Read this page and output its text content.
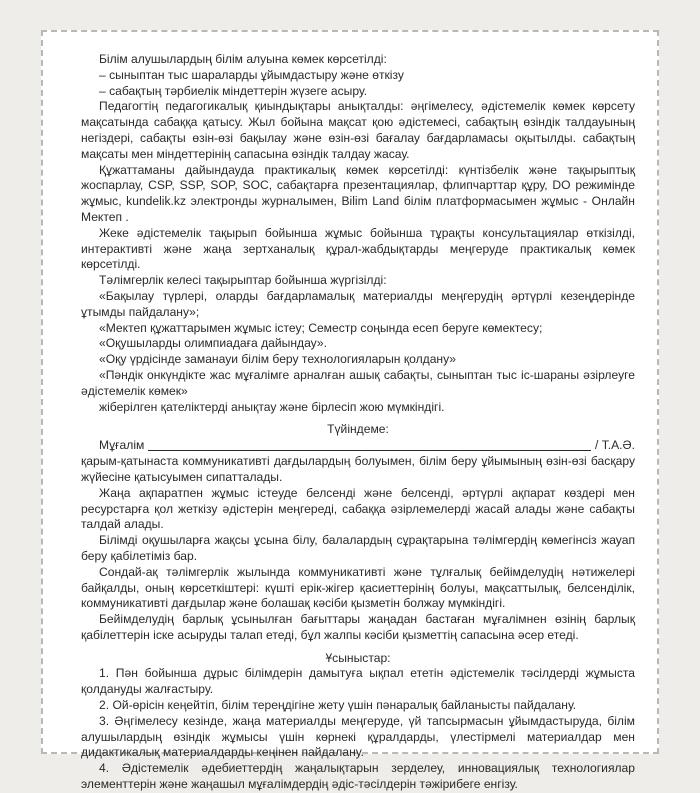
Білім алушылардың білім алуына көмек көрсетілді:

– сыныптан тыс шараларды ұйымдастыру және өткізу

– сабақтың тәрбиелік міндеттерін жүзеге асыру.

Педагогтің педагогикалық қиындықтары анықталды: әңгімелесу, әдістемелік көмек көрсету мақсатында сабаққа қатысу. Жыл бойына мақсат қою әдістемесі, сабақтың өзіндік талдауының негіздері, сабақты өзін-өзі бақылау және өзін-өзі бағалау бағдарламасы оқытылды. сабақтың мақсаты мен міндеттерінің сапасына өзіндік талдау жасау.

Құжаттаманы дайындауда практикалық көмек көрсетілді: күнтізбелік және тақырыптық жоспарлау, CSP, SSP, SOP, SOC, сабақтарға презентациялар, флипчарттар құру, DO режимінде жұмыс, kundelik.kz электронды журналымен, Bilim Land білім платформасымен жұмыс - Онлайн Мектеп .

Жеке әдістемелік тақырып бойынша жұмыс бойынша тұрақты консультациялар өткізілді, интерактивті және жаңа зертханалық құрал-жабдықтарды меңгеруде практикалық көмек көрсетілді.

Тәлімгерлік келесі тақырыптар бойынша жүргізілді:

«Бақылау түрлері, оларды бағдарламалық материалды меңгерудің әртүрлі кезеңдерінде ұтымды пайдалану»;

«Мектеп құжаттарымен жұмыс істеу; Семестр соңында есеп беруге көмектесу;

«Оқушыларды олимпиадаға дайындау».

«Оқу үрдісінде заманауи білім беру технологияларын қолдану»

«Пәндік онкүндікте жас мұғалімге арналған ашық сабақты, сыныптан тыс іс-шараны әзірлеуге әдістемелік көмек»

жіберілген қателіктерді анықтау және бірлесіп жою мүмкіндігі.

Түйіндеме:

Мұғалім	/ Т.А.Ә.

қарым-қатынаста коммуникативті дағдылардың болуымен, білім беру ұйымының өзін-өзі басқару жүйесіне қатысуымен сипатталады.

Жаңа ақпаратпен жұмыс істеуде белсенді және белсенді, әртүрлі ақпарат көздері мен ресурстарға қол жеткізу әдістерін меңгереді, сабаққа әзірлемелерді жасай алады және сабақты талдай алады.

Білімді оқушыларға жақсы ұсына білу, балалардың сұрақтарына тәлімгердің көмегінсіз жауап беру қабілетіміз бар.

Сондай-ақ тәлімгерлік жылында коммуникативті және тұлғалық бейімделудің нәтижелері байқалды, оның көрсеткіштері: күшті ерік-жігер қасиеттерінің болуы, мақсаттылық, белсенділік, коммуникативті дағдылар және болашақ кәсіби қызметін болжау мүмкіндігі.

Бейімделудің барлық ұсынылған бағыттары жаңадан бастаған мұғалімнен өзінің барлық қабілеттерін іске асыруды талап етеді, бұл жалпы кәсіби қызметтің сапасына әсер етеді.

Ұсыныстар:

1. Пән бойынша дұрыс білімдерін дамытуға ықпал ететін әдістемелік тәсілдерді жұмыста қолдануды жалғастыру.

2. Ой-өрісін кеңейтіп, білім тереңдігіне жету үшін пәнаралық байланысты пайдалану.

3. Әңгімелесу кезінде, жаңа материалды меңгеруде, үй тапсырмасын ұйымдастыруда, білім алушылардың өзіндік жұмысы үшін көрнекі құралдарды, үлестірмелі материалдар мен дидактикалық материалдарды кеңінен пайдалану.

4. Әдістемелік әдебиеттердің жаңалықтарын зерделеу, инновациялық технологиялар элементтерін және жаңашыл мұғалімдердің әдіс-тәсілдерін тәжірибеге енгізу.
